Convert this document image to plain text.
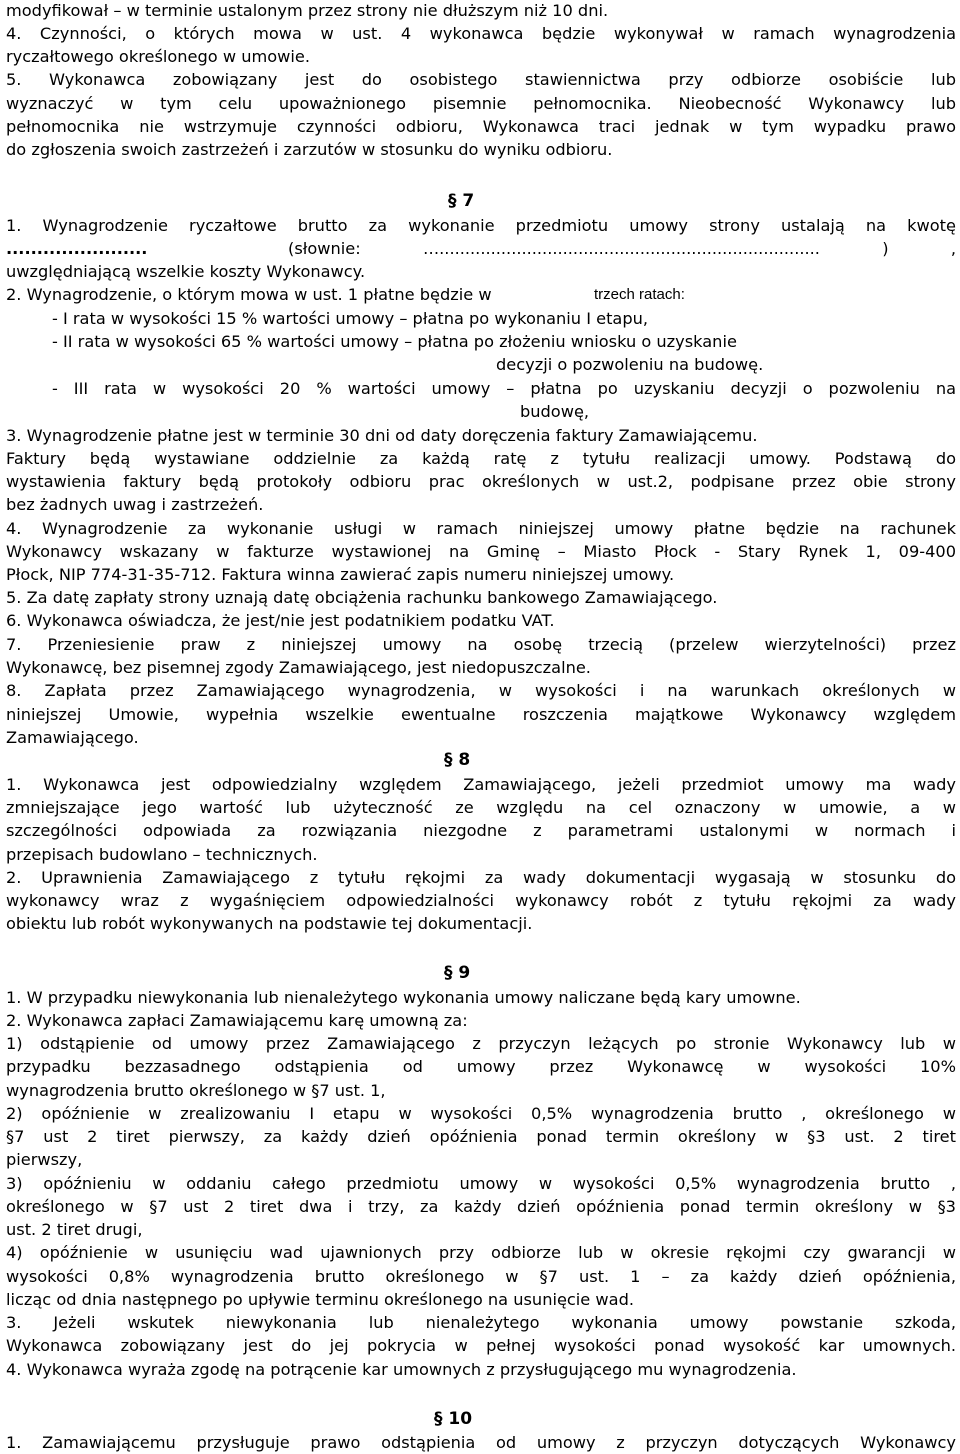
modyfikował – w terminie ustalonym przez strony nie dłuższym niż 10 dni.
4. Czynności, o których mowa w ust. 4 wykonawca będzie wykonywał w ramach wynagrodzenia
ryczałtowego określonego w umowie.
5. Wykonawca zobowiązany jest do osobistego stawiennictwa przy odbiorze osobiście lub
wyznaczyć w tym celu upoważnionego pisemnie pełnomocnika. Nieobecność Wykonawcy lub
pełnomocnika nie wstrzymuje czynności odbioru, Wykonawca traci jednak w tym wypadku prawo
do zgłoszenia swoich zastrzeżeń i zarzutów w stosunku do wyniku odbioru.
§ 7
1. Wynagrodzenie ryczałtowe brutto za wykonanie przedmiotu umowy strony ustalają na kwotę
.......................	(słownie: ….......................................................................... ) ,
uwzględniającą wszelkie koszty Wykonawcy.
2. Wynagrodzenie, o którym mowa w ust. 1 płatne będzie w	trzech ratach:
- I rata w wysokości 15 % wartości umowy – płatna po wykonaniu I etapu,
- II rata w wysokości 65 % wartości umowy – płatna po złożeniu wniosku o uzyskanie
decyzji o pozwoleniu na budowę.
- III rata w wysokości 20 % wartości umowy – płatna po uzyskaniu decyzji o pozwoleniu na
budowę,
3. Wynagrodzenie płatne jest w terminie 30 dni od daty doręczenia faktury Zamawiającemu.
Faktury będą wystawiane oddzielnie za każdą ratę z tytułu realizacji umowy. Podstawą do
wystawienia faktury będą protokoły odbioru prac określonych w ust.2, podpisane przez obie strony
bez żadnych uwag i zastrzeżeń.
4. Wynagrodzenie za wykonanie usługi w ramach niniejszej umowy płatne będzie na rachunek
Wykonawcy wskazany w fakturze wystawionej na Gminę – Miasto Płock - Stary Rynek 1, 09-400
Płock, NIP 774-31-35-712. Faktura winna zawierać zapis numeru niniejszej umowy.
5. Za datę zapłaty strony uznają datę obciążenia rachunku bankowego Zamawiającego.
6. Wykonawca oświadcza, że jest/nie jest podatnikiem podatku VAT.
7. Przeniesienie praw z niniejszej umowy na osobę trzecią (przelew wierzytelności) przez
Wykonawcę, bez pisemnej zgody Zamawiającego, jest niedopuszczalne.
8. Zapłata przez Zamawiającego wynagrodzenia, w wysokości i na warunkach określonych w
niniejszej Umowie, wypełnia wszelkie ewentualne roszczenia majątkowe Wykonawcy względem
Zamawiającego.
§ 8
1. Wykonawca jest odpowiedzialny względem Zamawiającego, jeżeli przedmiot umowy ma wady
zmniejszające jego wartość lub użyteczność ze względu na cel oznaczony w umowie, a w
szczególności odpowiada za rozwiązania niezgodne z parametrami ustalonymi w normach i
przepisach budowlano – technicznych.
2. Uprawnienia Zamawiającego z tytułu rękojmi za wady dokumentacji wygasają w stosunku do
wykonawcy wraz z wygaśnięciem odpowiedzialności wykonawcy robót z tytułu rękojmi za wady
obiektu lub robót wykonywanych na podstawie tej dokumentacji.
§ 9
1. W przypadku niewykonania lub nienależytego wykonania umowy naliczane będą kary umowne.
2. Wykonawca zapłaci Zamawiającemu karę umowną za:
1) odstąpienie od umowy przez Zamawiającego z przyczyn leżących po stronie Wykonawcy lub w
przypadku bezzasadnego odstąpienia od umowy przez Wykonawcę w wysokości 10%
wynagrodzenia brutto określonego w §7 ust. 1,
2) opóźnienie w zrealizowaniu I etapu w wysokości 0,5% wynagrodzenia brutto , określonego w
§7 ust 2 tiret pierwszy, za każdy dzień opóźnienia ponad termin określony w §3 ust. 2 tiret
pierwszy,
3) opóźnieniu w oddaniu całego przedmiotu umowy w wysokości 0,5% wynagrodzenia brutto ,
określonego w §7 ust 2 tiret dwa i trzy, za każdy dzień opóźnienia ponad termin określony w §3
ust. 2 tiret drugi,
4) opóźnienie w usunięciu wad ujawnionych przy odbiorze lub w okresie rękojmi czy gwarancji w
wysokości 0,8% wynagrodzenia brutto określonego w §7 ust. 1 – za każdy dzień opóźnienia,
licząc od dnia następnego po upływie terminu określonego na usunięcie wad.
3. Jeżeli wskutek niewykonania lub nienależytego wykonania umowy powstanie szkoda,
Wykonawca zobowiązany jest do jej pokrycia w pełnej wysokości ponad wysokość kar umownych.
4. Wykonawca wyraża zgodę na potrącenie kar umownych z przysługującego mu wynagrodzenia.
§ 10
1. Zamawiającemu przysługuje prawo odstąpienia od umowy z przyczyn dotyczących Wykonawcy
